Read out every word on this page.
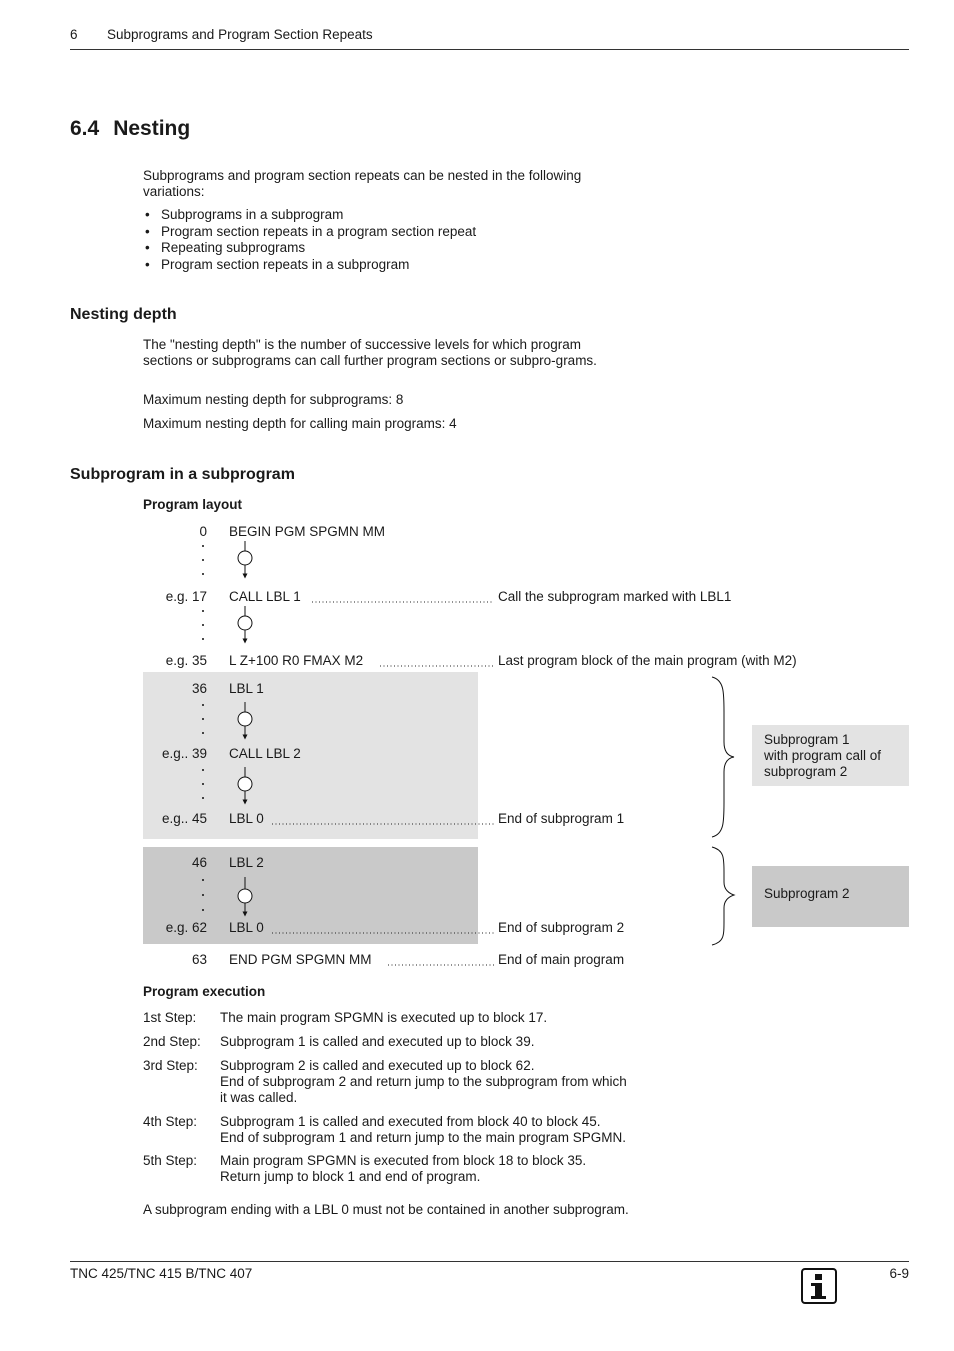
6 Subprograms and Program Section Repeats
6.4 Nesting
Subprograms and program section repeats can be nested in the following variations:
• Subprograms in a subprogram
• Program section repeats in a program section repeat
• Repeating subprograms
• Program section repeats in a subprogram
Nesting depth
The "nesting depth" is the number of successive levels for which program sections or subprograms can call further program sections or subpro-grams.
Maximum nesting depth for subprograms: 8
Maximum nesting depth for calling main programs: 4
Subprogram in a subprogram
Program layout
0 BEGIN PGM SPGMN MM
e.g. 17 CALL LBL 1	Call the subprogram marked with LBL1
e.g. 35 L Z+100 R0 FMAX M2	Last program block of the main program (with M2)
36 LBL 1
e.g.. 39 CALL LBL 2
e.g.. 45 LBL 0	End of subprogram 1
46 LBL 2
e.g. 62 LBL 0	End of subprogram 2
63 END PGM SPGMN MM	End of main program
Subprogram 1
with program call of
subprogram 2
Subprogram 2
Program execution
1st Step: The main program SPGMN is executed up to block 17.
2nd Step: Subprogram 1 is called and executed up to block 39.
3rd Step: Subprogram 2 is called and executed up to block 62.
End of subprogram 2 and return jump to the subprogram from which
it was called.
4th Step: Subprogram 1 is called and executed from block 40 to block 45.
End of subprogram 1 and return jump to the main program SPGMN.
5th Step: Main program SPGMN is executed from block 18 to block 35.
Return jump to block 1 and end of program.
A subprogram ending with a LBL 0 must not be contained in another subprogram.
TNC 425/TNC 415 B/TNC 407	6-9
